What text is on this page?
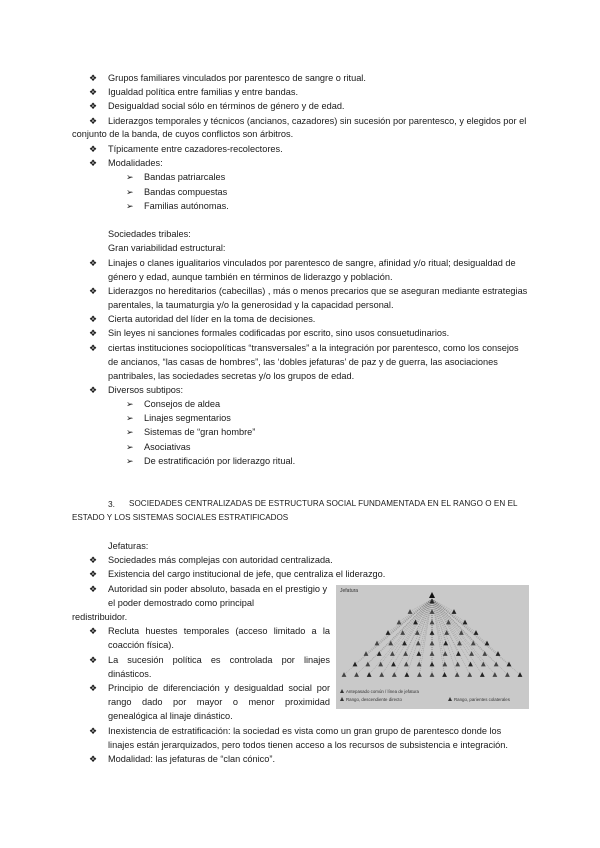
❖ Grupos familiares vinculados por parentesco de sangre o ritual.
❖ Igualdad política entre familias y entre bandas.
❖ Desigualdad social sólo en términos de género y de edad.
❖ Liderazgos temporales y técnicos (ancianos, cazadores) sin sucesión por parentesco, y elegidos por el
conjunto de la banda, de cuyos conflictos son árbitros.
❖ Típicamente entre cazadores-recolectores.
❖ Modalidades:
➢ Bandas patriarcales
➢ Bandas compuestas
➢ Familias autónomas.
Sociedades tribales:
Gran variabilidad estructural:
❖ Linajes o clanes igualitarios vinculados por parentesco de sangre, afinidad y/o ritual; desigualdad de
género y edad, aunque también en términos de liderazgo y población.
❖ Liderazgos no hereditarios (cabecillas) , más o menos precarios que se aseguran mediante estrategias
parentales, la taumaturgia y/o la generosidad y la capacidad personal.
❖ Cierta autoridad del líder en la toma de decisiones.
❖ Sin leyes ni sanciones formales codificadas por escrito, sino usos consuetudinarios.
❖ ciertas instituciones sociopolíticas “transversales” a la integración por parentesco, como los consejos
de ancianos, “las casas de hombres”, las ‘dobles jefaturas’ de paz y de guerra, las asociaciones
pantribales, las sociedades secretas y/o los grupos de edad.
❖ Diversos subtipos:
➢ Consejos de aldea
➢ Linajes segmentarios
➢ Sistemas de “gran hombre”
➢ Asociativas
➢ De estratificación por liderazgo ritual.
3. SOCIEDADES CENTRALIZADAS DE ESTRUCTURA SOCIAL FUNDAMENTADA EN EL RANGO O EN EL
ESTADO Y LOS SISTEMAS SOCIALES ESTRATIFICADOS
Jefaturas:
❖ Sociedades más complejas con autoridad centralizada.
❖ Existencia del cargo institucional de jefe, que centraliza el liderazgo.
❖ Autoridad sin poder absoluto, basada en el prestigio y
el poder demostrado como principal
redistribuidor.
❖ Recluta huestes temporales (acceso limitado a la
coacción física).
❖ La sucesión política es controlada por linajes
dinásticos.
❖ Principio de diferenciación y desigualdad social por
rango dado por mayor o menor proximidad
genealógica al linaje dinástico.
❖ Inexistencia de estratificación: la sociedad es vista como un gran grupo de parentesco donde los
linajes están jerarquizados, pero todos tienen acceso a los recursos de subsistencia e integración.
❖ Modalidad: las jefaturas de “clan cónico”.
Jefatura
Antepasado común / línea de jefatura
Rango, descendiente directo	Rango, parientes colaterales
